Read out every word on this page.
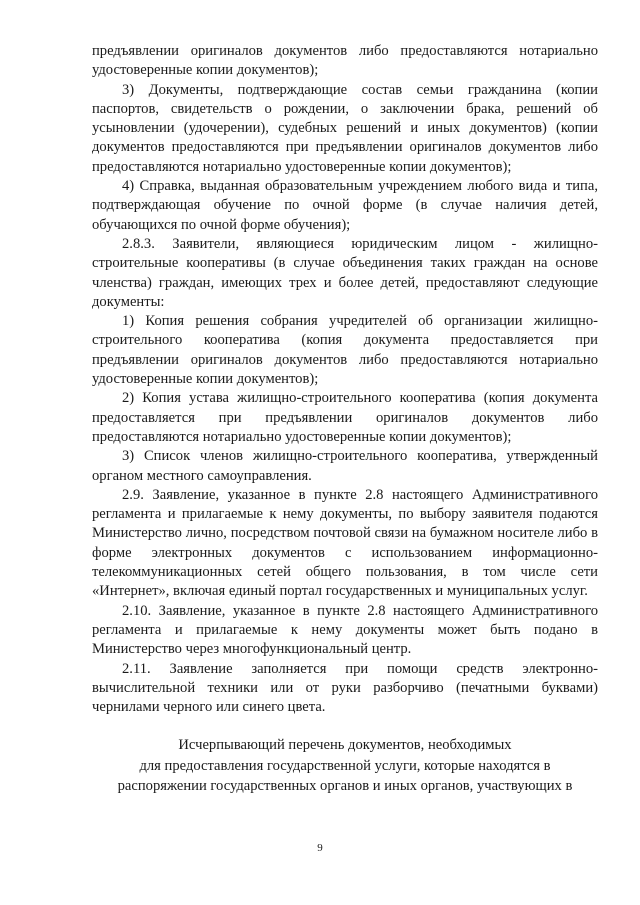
предъявлении оригиналов документов либо предоставляются нотариально удостоверенные копии документов);

3) Документы, подтверждающие состав семьи гражданина (копии паспортов, свидетельств о рождении, о заключении брака, решений об усыновлении (удочерении), судебных решений и иных документов) (копии документов предоставляются при предъявлении оригиналов документов либо предоставляются нотариально удостоверенные копии документов);

4) Справка, выданная образовательным учреждением любого вида и типа, подтверждающая обучение по очной форме (в случае наличия детей, обучающихся по очной форме обучения);

2.8.3. Заявители, являющиеся юридическим лицом - жилищно-строительные кооперативы (в случае объединения таких граждан на основе членства) граждан, имеющих трех и более детей, предоставляют следующие документы:

1) Копия решения собрания учредителей об организации жилищно-строительного кооператива (копия документа предоставляется при предъявлении оригиналов документов либо предоставляются нотариально удостоверенные копии документов);

2) Копия устава жилищно-строительного кооператива (копия документа предоставляется при предъявлении оригиналов документов либо предоставляются нотариально удостоверенные копии документов);

3) Список членов жилищно-строительного кооператива, утвержденный органом местного самоуправления.

2.9. Заявление, указанное в пункте 2.8 настоящего Административного регламента и прилагаемые к нему документы, по выбору заявителя подаются Министерство лично, посредством почтовой связи на бумажном носителе либо в форме электронных документов с использованием информационно-телекоммуникационных сетей общего пользования, в том числе сети «Интернет», включая единый портал государственных и муниципальных услуг.

2.10. Заявление, указанное в пункте 2.8 настоящего Административного регламента и прилагаемые к нему документы может быть подано в Министерство через многофункциональный центр.

2.11. Заявление заполняется при помощи средств электронно-вычислительной техники или от руки разборчиво (печатными буквами) чернилами черного или синего цвета.

Исчерпывающий перечень документов, необходимых
для предоставления государственной услуги, которые находятся в
распоряжении государственных органов и иных органов, участвующих в
9
